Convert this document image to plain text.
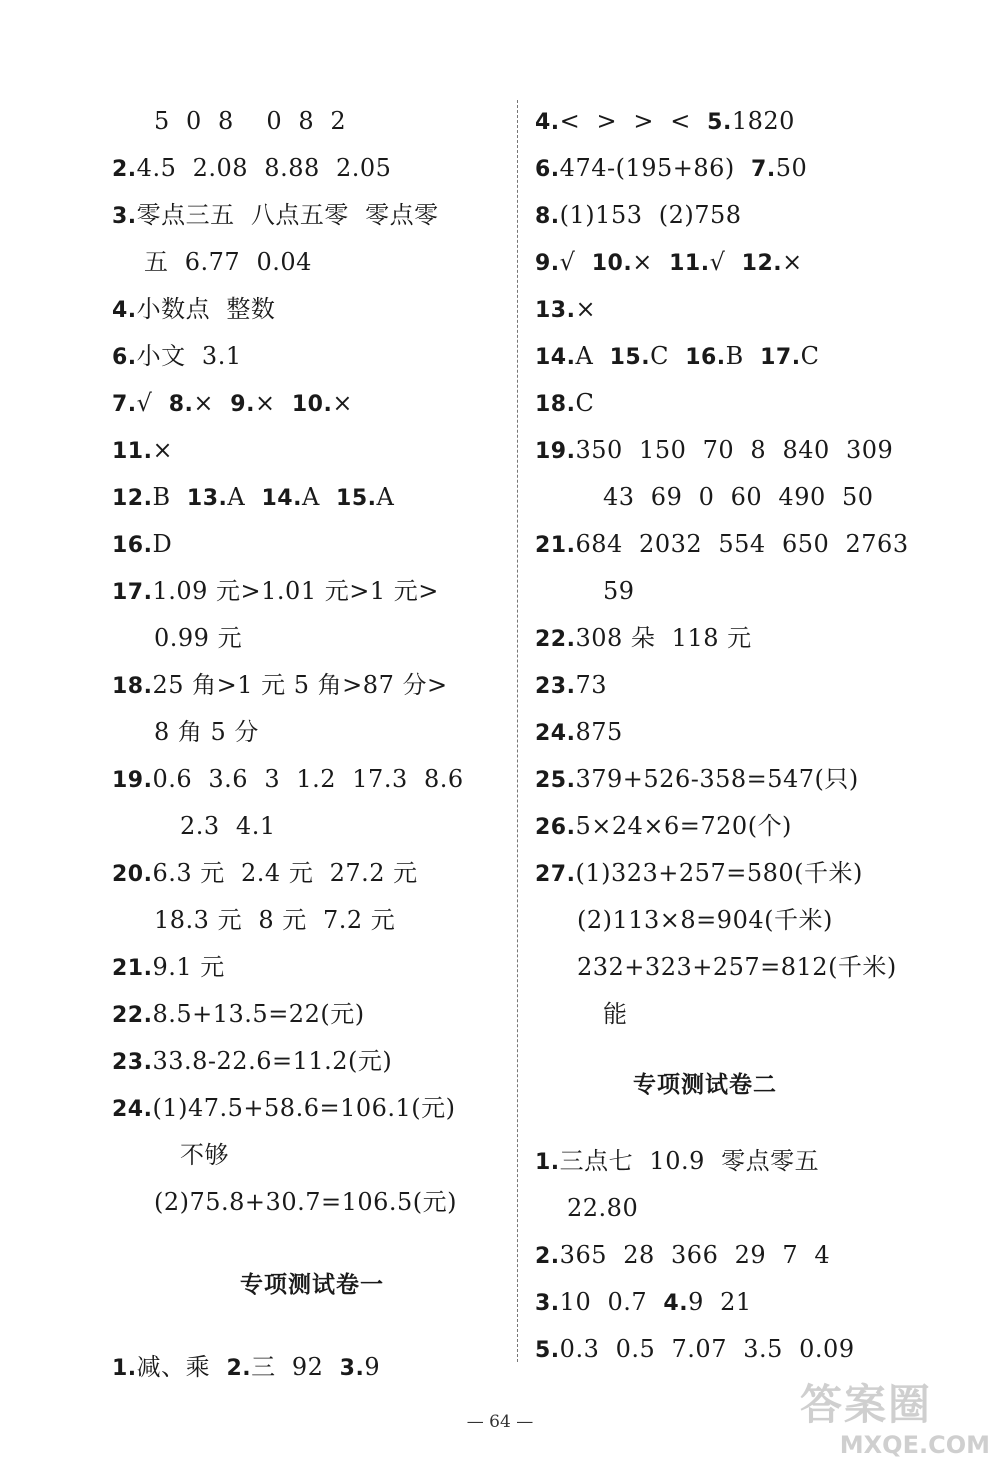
5  0  8    0  8  2
2.4.5  2.08  8.88  2.05
3.零点三五  八点五零  零点零
五  6.77  0.04
4.小数点  整数
6.小文  3.1
7.√  8.×  9.×  10.×
11.×
12.B  13.A  14.A  15.A
16.D
17.1.09 元>1.01 元>1 元>
0.99 元
18.25 角>1 元 5 角>87 分>
8 角 5 分
19.0.6  3.6  3  1.2  17.3  8.6
2.3  4.1
20.6.3 元  2.4 元  27.2 元
18.3 元  8 元  7.2 元
21.9.1 元
22.8.5+13.5=22(元)
23.33.8-22.6=11.2(元)
24.(1)47.5+58.6=106.1(元)
不够
(2)75.8+30.7=106.5(元)
专项测试卷一
1.减、乘  2.三  92  3.9
4.<  >  >  <  5.1820
6.474-(195+86)  7.50
8.(1)153  (2)758
9.√  10.×  11.√  12.×
13.×
14.A  15.C  16.B  17.C
18.C
19.350  150  70  8  840  309
43  69  0  60  490  50
21.684  2032  554  650  2763
59
22.308 朵  118 元
23.73
24.875
25.379+526-358=547(只)
26.5×24×6=720(个)
27.(1)323+257=580(千米)
(2)113×8=904(千米)
232+323+257=812(千米)
能
专项测试卷二
1.三点七  10.9  零点零五
22.80
2.365  28  366  29  7  4
3.10  0.7  4.9  21
5.0.3  0.5  7.07  3.5  0.09
— 64 —	答案圈
MXQE.COM
